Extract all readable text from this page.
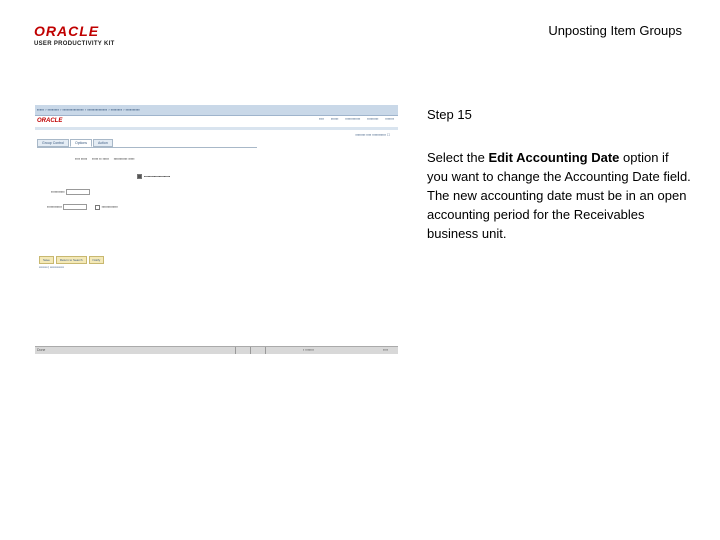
ORACLE
USER PRODUCTIVITY KIT
Unposting Item Groups
▪▪▪▪▪ › ▪▪▪▪▪▪▪▪ › ▪▪▪▪▪▪▪▪▪▪▪▪▪▪▪ › ▪▪▪▪▪▪▪▪▪▪▪▪▪▪ › ▪▪▪▪▪▪▪▪ › ▪▪▪▪▪▪▪▪▪▪
ORACLE	▪▪▪▪ ▪▪▪▪▪▪ ▪▪▪▪▪▪▪▪▪▪▪▪ ▪▪▪▪▪▪▪▪▪ ▪▪▪▪▪▪▪
▪▪▪▪▪▪▪▪ ▪▪▪▪ ▪▪▪▪▪▪▪▪▪▪▪ ☐
Group Control	Options	Action
▪▪▪▪ ▪▪▪▪▪     ▪▪▪▪▪ ▪▪ ▪▪▪▪▪     ▪▪▪▪▪▪▪▪▪▪▪ ▪▪▪▪▪
▪▪▪▪▪▪▪▪▪▪▪▪▪▪▪▪▪▪▪▪▪
▪▪▪▪▪▪▪▪▪▪▪
▪▪▪▪▪▪▪▪▪▪▪▪	▪▪▪▪▪▪▪▪▪▪▪▪▪
Save	Return to Search	Notify
▪▪▪▪▪▪▪▪ | ▪▪▪▪▪▪▪▪▪▪▪▪▪
Done	▪ ▪▪▪▪▪▪▪	▪▪▪▪
Step 15
Select the Edit Accounting Date option if you want to change the Accounting Date field. The new accounting date must be in an open accounting period for the Receivables business unit.
